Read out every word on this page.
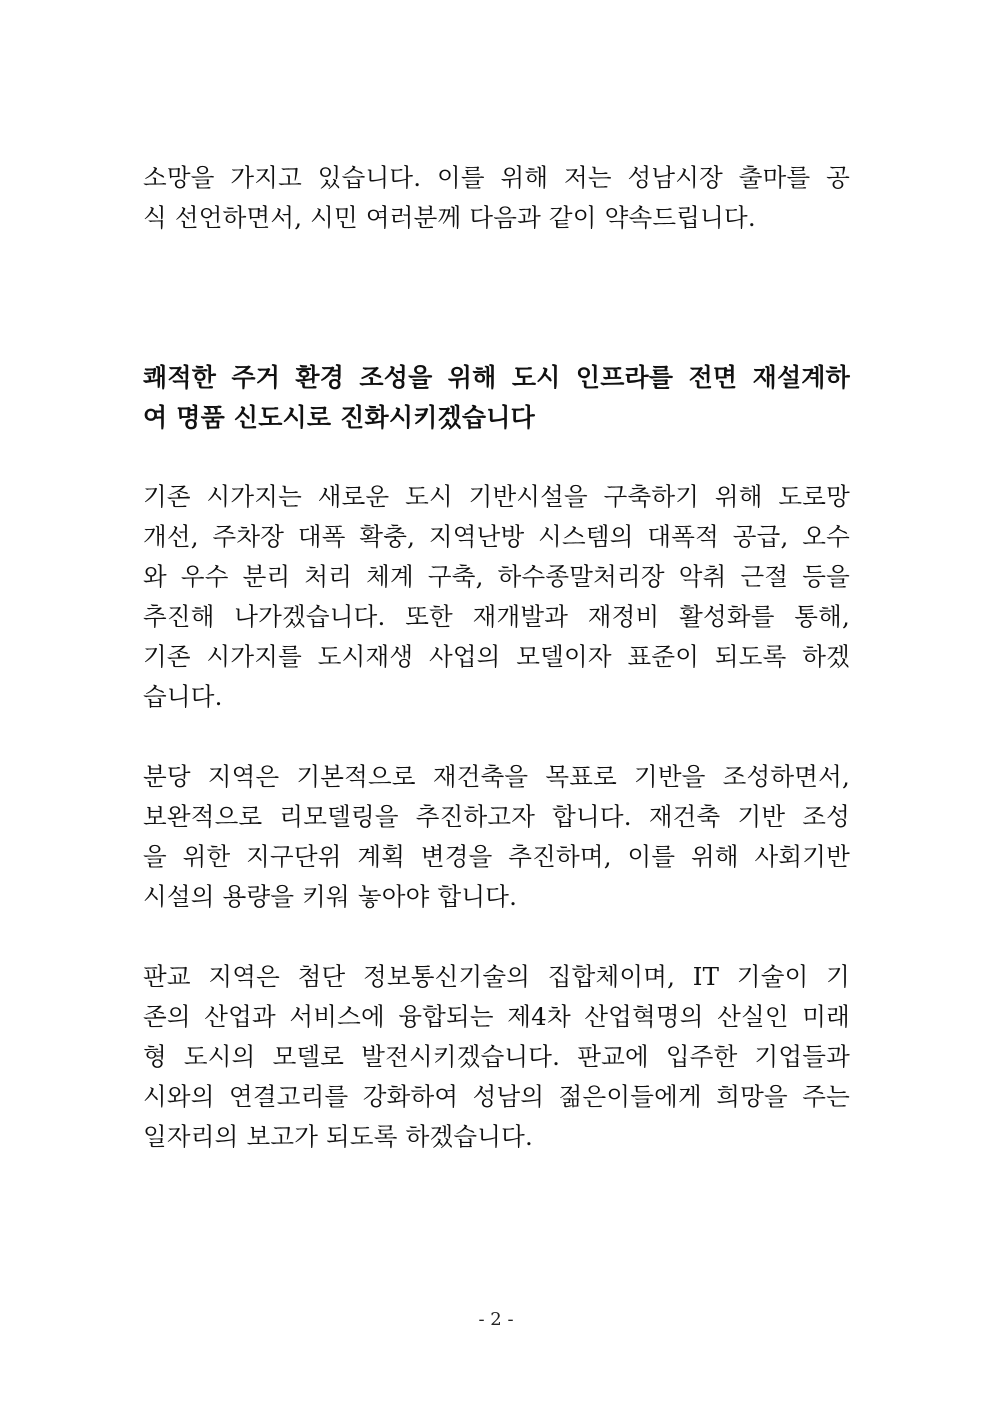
소망을 가지고 있습니다. 이를 위해 저는 성남시장 출마를 공
식 선언하면서, 시민 여러분께 다음과 같이 약속드립니다.
쾌적한 주거 환경 조성을 위해 도시 인프라를 전면 재설계하
여 명품 신도시로 진화시키겠습니다
기존 시가지는 새로운 도시 기반시설을 구축하기 위해 도로망
개선, 주차장 대폭 확충, 지역난방 시스템의 대폭적 공급, 오수
와 우수 분리 처리 체계 구축, 하수종말처리장 악취 근절 등을
추진해 나가겠습니다. 또한 재개발과 재정비 활성화를 통해,
기존 시가지를 도시재생 사업의 모델이자 표준이 되도록 하겠
습니다.
분당 지역은 기본적으로 재건축을 목표로 기반을 조성하면서,
보완적으로 리모델링을 추진하고자 합니다. 재건축 기반 조성
을 위한 지구단위 계획 변경을 추진하며, 이를 위해 사회기반
시설의 용량을 키워 놓아야 합니다.
판교 지역은 첨단 정보통신기술의 집합체이며, IT 기술이 기
존의 산업과 서비스에 융합되는 제4차 산업혁명의 산실인 미래
형 도시의 모델로 발전시키겠습니다. 판교에 입주한 기업들과
시와의 연결고리를 강화하여 성남의 젊은이들에게 희망을 주는
일자리의 보고가 되도록 하겠습니다.
- 2 -
